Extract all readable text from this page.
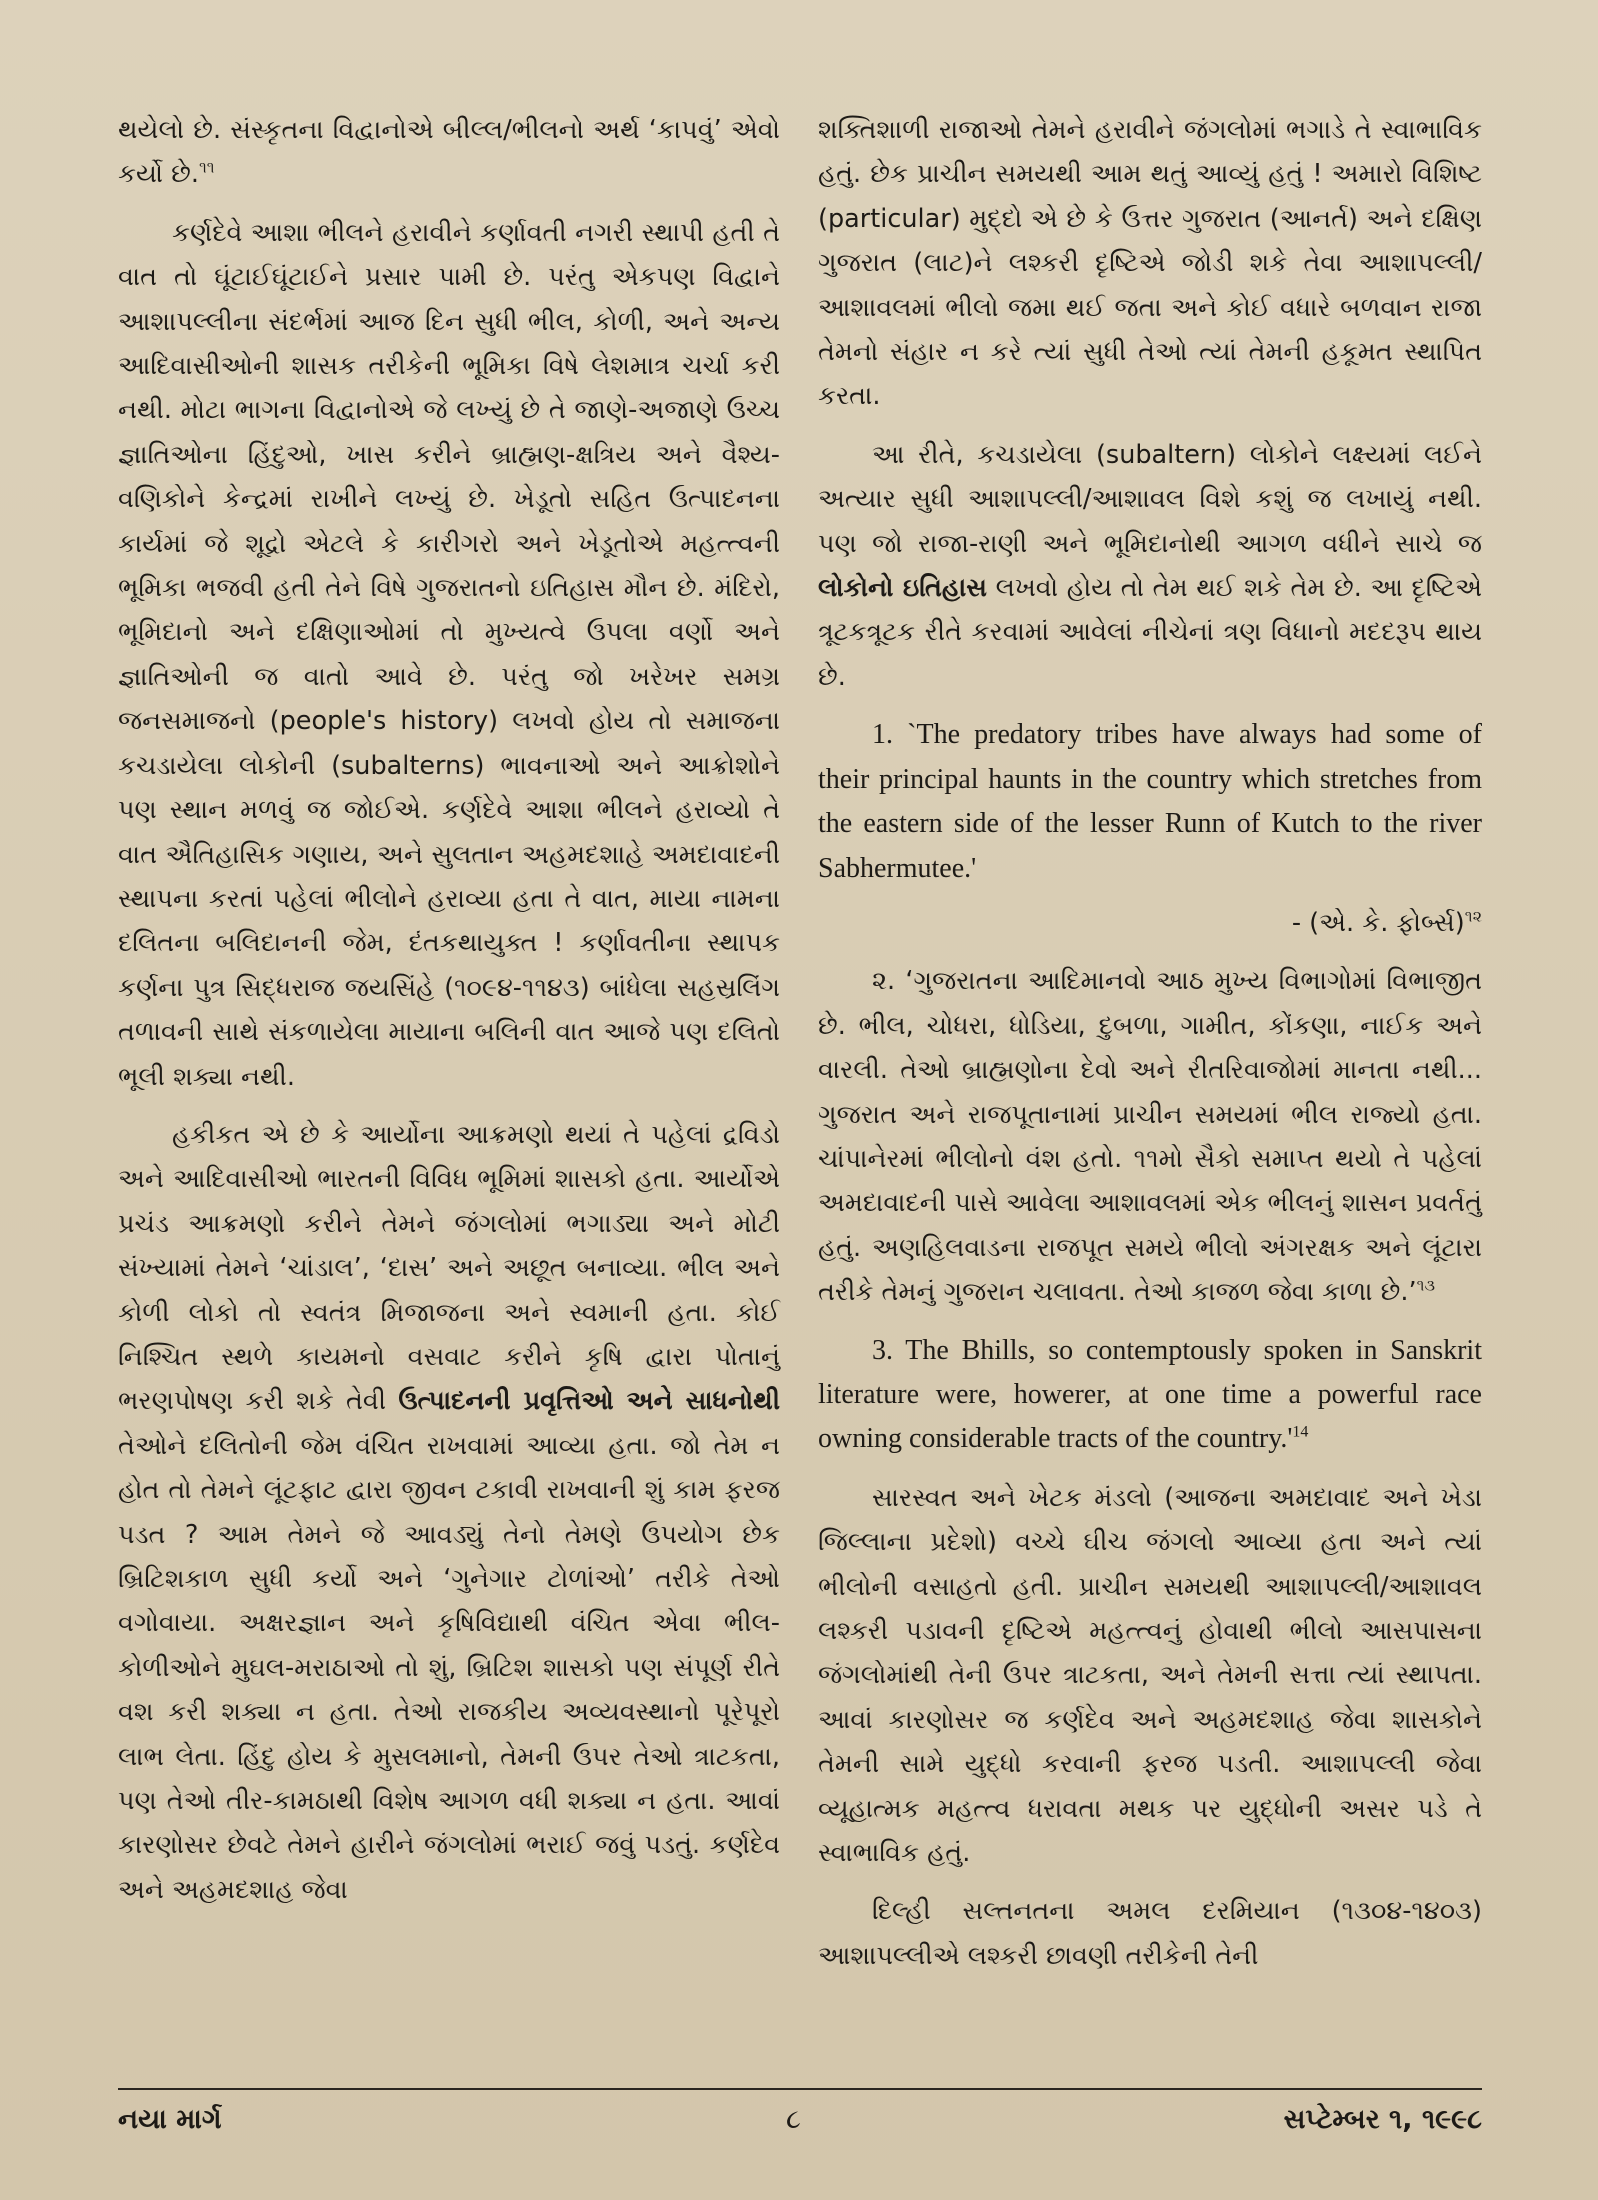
થયેલો છે. સંસ્કૃતના વિદ્વાનોએ બીલ્લ/ભીલનો અર્થ ‘કાપવું’ એવો કર્યો છે.$^{૧૧}$

કર્ણદેવે આશા ભીલને હરાવીને કર્ણાવતી નગરી સ્થાપી હતી તે વાત તો ઘૂંટાઈઘૂંટાઈને પ્રસાર પામી છે. પરંતુ એકપણ વિદ્વાને આશાપલ્લીના સંદર્ભમાં આજ દિન સુધી ભીલ, કોળી, અને અન્ય આદિવાસીઓની શાસક તરીકેની ભૂમિકા વિષે લેશમાત્ર ચર્ચા કરી નથી. મોટા ભાગના વિદ્વાનોએ જે લખ્યું છે તે જાણે-અજાણે ઉચ્ચ જ્ઞાતિઓના હિંદુઓ, ખાસ કરીને બ્રાહ્મણ-ક્ષત્રિય અને વૈશ્ય-વણિકોને કેન્દ્રમાં રાખીને લખ્યું છે. ખેડૂતો સહિત ઉત્પાદનના કાર્યમાં જે શૂદ્રો એટલે કે કારીગરો અને ખેડૂતોએ મહત્ત્વની ભૂમિકા ભજવી હતી તેને વિષે ગુજરાતનો ઇતિહાસ મૌન છે. મંદિરો, ભૂમિદાનો અને દક્ષિણાઓમાં તો મુખ્યત્વે ઉપલા વર્ણો અને જ્ઞાતિઓની જ વાતો આવે છે. પરંતુ જો ખરેખર સમગ્ર જનસમાજનો (people's history) લખવો હોય તો સમાજના કચડાયેલા લોકોની (subalterns) ભાવનાઓ અને આક્રોશોને પણ સ્થાન મળવું જ જોઈએ. કર્ણદેવે આશા ભીલને હરાવ્યો તે વાત ઐતિહાસિક ગણાય, અને સુલતાન અહમદશાહે અમદાવાદની સ્થાપના કરતાં પહેલાં ભીલોને હરાવ્યા હતા તે વાત, માયા નામના દલિતના બલિદાનની જેમ, દંતકથાયુક્ત ! કર્ણાવતીના સ્થાપક કર્ણના પુત્ર સિદ્ધરાજ જયસિંહે (૧૦૯૪-૧૧૪૩) બાંધેલા સહસ્રલિંગ તળાવની સાથે સંકળાયેલા માયાના બલિની વાત આજે પણ દલિતો ભૂલી શક્યા નથી.

હકીકત એ છે કે આર્યોના આક્રમણો થયાં તે પહેલાં દ્રવિડો અને આદિવાસીઓ ભારતની વિવિધ ભૂમિમાં શાસકો હતા. આર્યોએ પ્રચંડ આક્રમણો કરીને તેમને જંગલોમાં ભગાડ્યા અને મોટી સંખ્યામાં તેમને ‘ચાંડાલ’, ‘દાસ’ અને અછૂત બનાવ્યા. ભીલ અને કોળી લોકો તો સ્વતંત્ર મિજાજના અને સ્વમાની હતા. કોઈ નિશ્ચિત સ્થળે કાયમનો વસવાટ કરીને કૃષિ દ્વારા પોતાનું ભરણપોષણ કરી શકે તેવી ઉત્પાદનની પ્રવૃત્તિઓ અને સાધનોથી તેઓને દલિતોની જેમ વંચિત રાખવામાં આવ્યા હતા. જો તેમ ન હોત તો તેમને લૂંટફાટ દ્વારા જીવન ટકાવી રાખવાની શું કામ ફરજ પડત ? આમ તેમને જે આવડ્યું તેનો તેમણે ઉપયોગ છેક બ્રિટિશકાળ સુધી કર્યો અને ‘ગુનેગાર ટોળાંઓ’ તરીકે તેઓ વગોવાયા. અક્ષરજ્ઞાન અને કૃષિવિદ્યાથી વંચિત એવા ભીલ-કોળીઓને મુઘલ-મરાઠાઓ તો શું, બ્રિટિશ શાસકો પણ સંપૂર્ણ રીતે વશ કરી શક્યા ન હતા. તેઓ રાજકીય અવ્યવસ્થાનો પૂરેપૂરો લાભ લેતા. હિંદુ હોય કે મુસલમાનો, તેમની ઉપર તેઓ ત્રાટકતા, પણ તેઓ તીર-કામઠાથી વિશેષ આગળ વધી શક્યા ન હતા. આવાં કારણોસર છેવટે તેમને હારીને જંગલોમાં ભરાઈ જવું પડતું. કર્ણદેવ અને અહમદશાહ જેવા

શક્તિશાળી રાજાઓ તેમને હરાવીને જંગલોમાં ભગાડે તે સ્વાભાવિક હતું. છેક પ્રાચીન સમયથી આમ થતું આવ્યું હતું ! અમારો વિશિષ્ટ (particular) મુદ્દો એ છે કે ઉત્તર ગુજરાત (આનર્ત) અને દક્ષિણ ગુજરાત (લાટ)ને લશ્કરી દૃષ્ટિએ જોડી શકે તેવા આશાપલ્લી/આશાવલમાં ભીલો જમા થઈ જતા અને કોઈ વધારે બળવાન રાજા તેમનો સંહાર ન કરે ત્યાં સુધી તેઓ ત્યાં તેમની હકૂમત સ્થાપિત કરતા.

આ રીતે, કચડાયેલા (subaltern) લોકોને લક્ષ્યમાં લઈને અત્યાર સુધી આશાપલ્લી/આશાવલ વિશે કશું જ લખાયું નથી. પણ જો રાજા-રાણી અને ભૂમિદાનોથી આગળ વધીને સાચે જ લોકોનો ઇતિહાસ લખવો હોય તો તેમ થઈ શકે તેમ છે. આ દૃષ્ટિએ ત્રૂટકત્રૂટક રીતે કરવામાં આવેલાં નીચેનાં ત્રણ વિધાનો મદદરૂપ થાય છે.

1. `The predatory tribes have always had some of their principal haunts in the country which stretches from the eastern side of the lesser Runn of Kutch to the river Sabhermutee.'

- (એ. કે. ફોર્બ્સ)$^{૧૨}$

૨. ‘ગુજરાતના આદિમાનવો આઠ મુખ્ય વિભાગોમાં વિભાજીત છે. ભીલ, ચોધરા, ધોડિયા, દુબળા, ગામીત, કોંકણા, નાઈક અને વારલી. તેઓ બ્રાહ્મણોના દેવો અને રીતરિવાજોમાં માનતા નથી... ગુજરાત અને રાજપૂતાનામાં પ્રાચીન સમયમાં ભીલ રાજ્યો હતા. ચાંપાનેરમાં ભીલોનો વંશ હતો. ૧૧મો સૈકો સમાપ્ત થયો તે પહેલાં અમદાવાદની પાસે આવેલા આશાવલમાં એક ભીલનું શાસન પ્રવર્તતું હતું. અણહિલવાડના રાજપૂત સમયે ભીલો અંગરક્ષક અને લૂંટારા તરીકે તેમનું ગુજરાન ચલાવતા. તેઓ કાજળ જેવા કાળા છે.’$^{૧૩}$

3. The Bhills, so contemptously spoken in Sanskrit literature were, howerer, at one time a powerful race owning considerable tracts of the country.'$^{14}$

સારસ્વત અને ખેટક મંડલો (આજના અમદાવાદ અને ખેડા જિલ્લાના પ્રદેશો) વચ્ચે ઘીચ જંગલો આવ્યા હતા અને ત્યાં ભીલોની વસાહતો હતી. પ્રાચીન સમયથી આશાપલ્લી/આશાવલ લશ્કરી પડાવની દૃષ્ટિએ મહત્ત્વનું હોવાથી ભીલો આસપાસના જંગલોમાંથી તેની ઉપર ત્રાટકતા, અને તેમની સત્તા ત્યાં સ્થાપતા. આવાં કારણોસર જ કર્ણદેવ અને અહમદશાહ જેવા શાસકોને તેમની સામે યુદ્ધો કરવાની ફરજ પડતી. આશાપલ્લી જેવા વ્યૂહાત્મક મહત્ત્વ ધરાવતા મથક પર યુદ્ધોની અસર પડે તે સ્વાભાવિક હતું.

દિલ્હી સલ્તનતના અમલ દરમિયાન (૧૩૦૪-૧૪૦૩) આશાપલ્લીએ લશ્કરી છાવણી તરીકેની તેની

નયા માર્ગ	૮	સપ્ટેમ્બર ૧, ૧૯૯૮
